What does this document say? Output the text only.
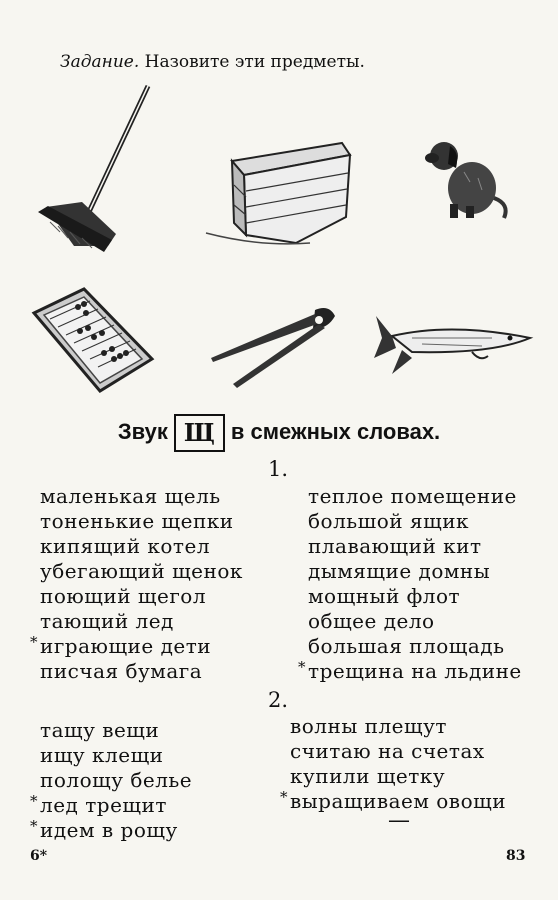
Задание. Назовите эти предметы.
Звук Щ в смежных словах.
1.
маленькая щель
тоненькие щепки
кипящий котел
убегающий щенок
поющий щегол
тающий лед
* играющие дети
писчая бумага
теплое помещение
большой ящик
плавающий кит
дымящие домны
мощный флот
общее дело
большая площадь
* трещина на льдине
2.
тащу вещи
ищу клещи
полощу белье
* лед трещит
* идем в рощу
волны плещут
считаю на счетах
купили щетку
* выращиваем овощи
—
6*	83
